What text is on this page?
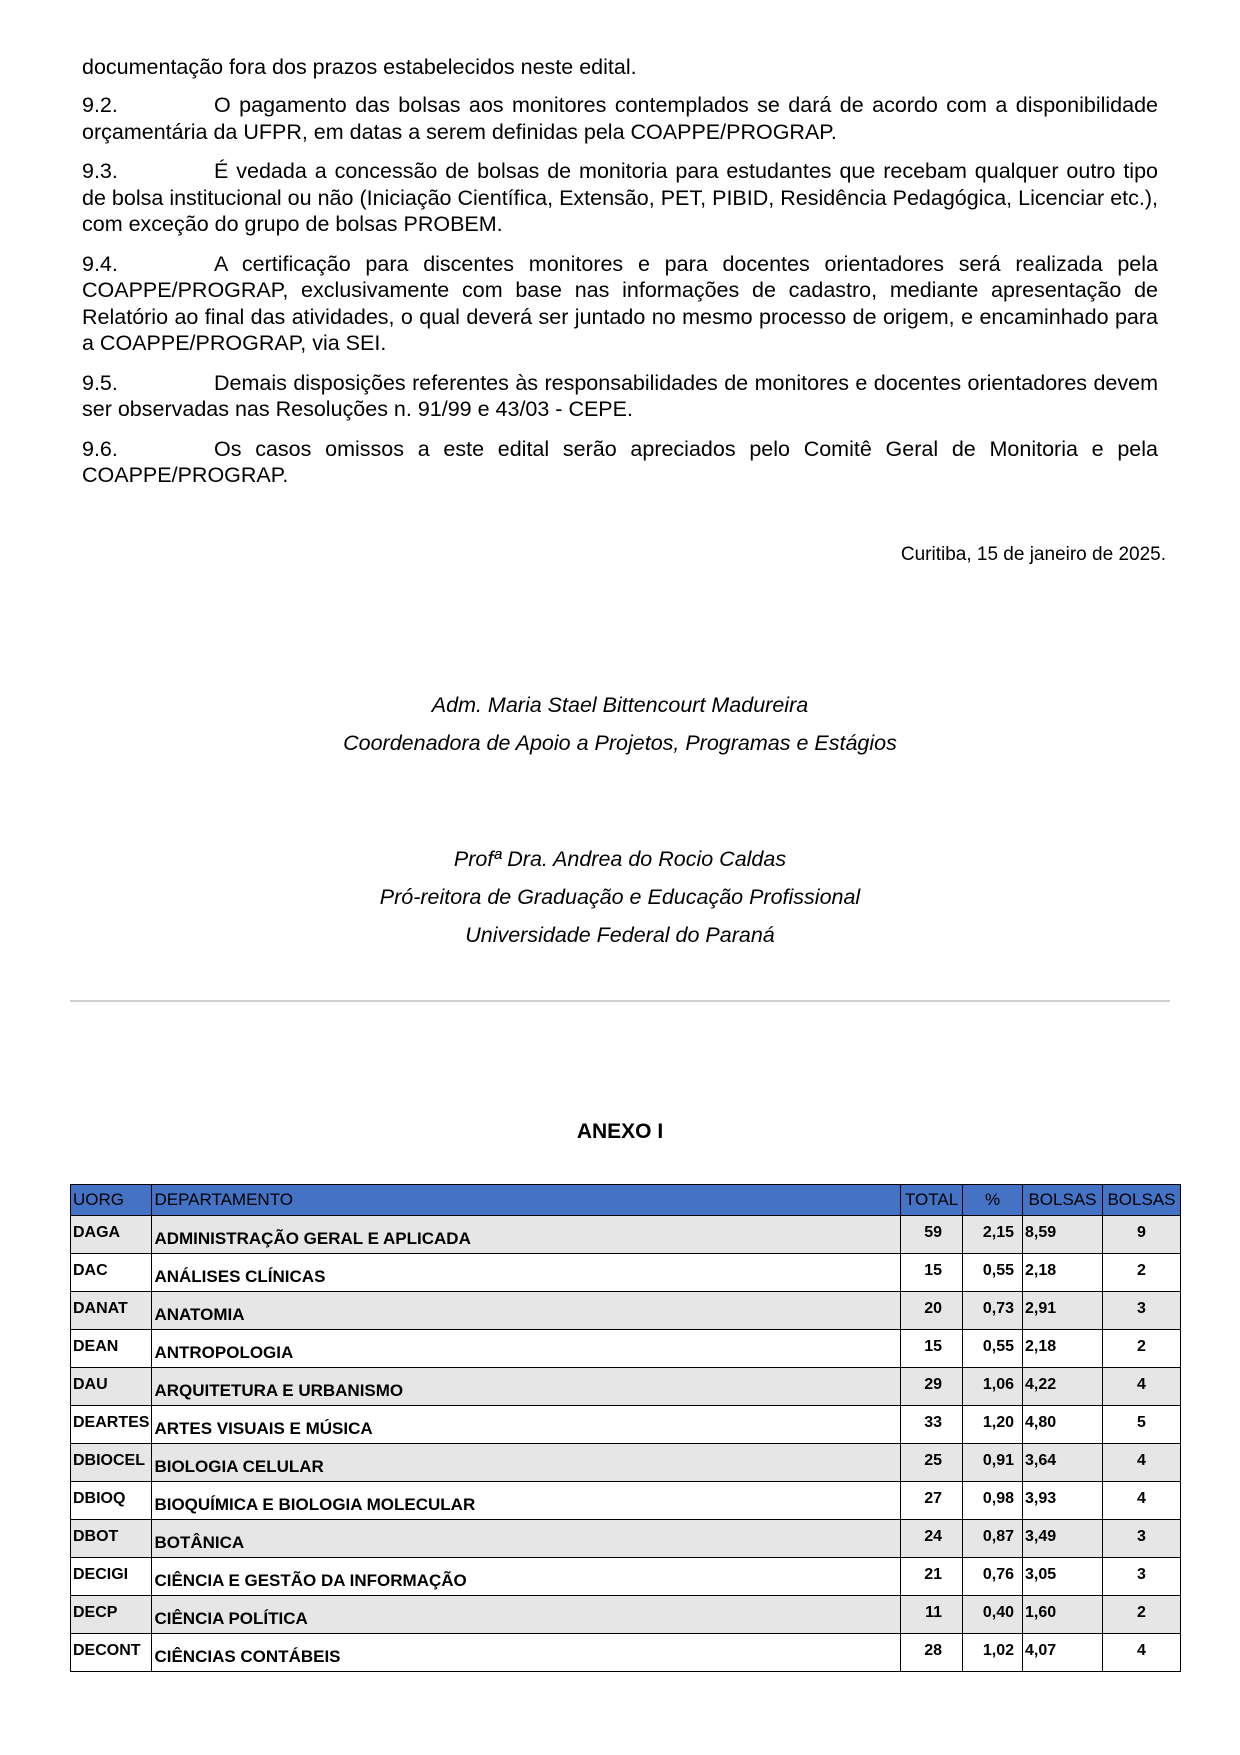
documentação fora dos prazos estabelecidos neste edital.

9.2.	O pagamento das bolsas aos monitores contemplados se dará de acordo com a disponibilidade orçamentária da UFPR, em datas a serem definidas pela COAPPE/PROGRAP.

9.3.	É vedada a concessão de bolsas de monitoria para estudantes que recebam qualquer outro tipo de bolsa institucional ou não (Iniciação Científica, Extensão, PET, PIBID, Residência Pedagógica, Licenciar etc.), com exceção do grupo de bolsas PROBEM.

9.4.	A certificação para discentes monitores e para docentes orientadores será realizada pela COAPPE/PROGRAP, exclusivamente com base nas informações de cadastro, mediante apresentação de Relatório ao final das atividades, o qual deverá ser juntado no mesmo processo de origem, e encaminhado para a COAPPE/PROGRAP, via SEI.

9.5.	Demais disposições referentes às responsabilidades de monitores e docentes orientadores devem ser observadas nas Resoluções n. 91/99 e 43/03 - CEPE.

9.6.	Os casos omissos a este edital serão apreciados pelo Comitê Geral de Monitoria e pela COAPPE/PROGRAP.

Curitiba, 15 de janeiro de 2025.
Adm. Maria Stael Bittencourt Madureira
Coordenadora de Apoio a Projetos, Programas e Estágios
Profª Dra. Andrea do Rocio Caldas
Pró-reitora de Graduação e Educação Profissional
Universidade Federal do Paraná
ANEXO I
UORG	DEPARTAMENTO	TOTAL	%	BOLSAS	BOLSAS
DAGA	ADMINISTRAÇÃO GERAL E APLICADA	59	2,15	8,59	9
DAC	ANÁLISES CLÍNICAS	15	0,55	2,18	2
DANAT	ANATOMIA	20	0,73	2,91	3
DEAN	ANTROPOLOGIA	15	0,55	2,18	2
DAU	ARQUITETURA E URBANISMO	29	1,06	4,22	4
DEARTES	ARTES VISUAIS E MÚSICA	33	1,20	4,80	5
DBIOCEL	BIOLOGIA CELULAR	25	0,91	3,64	4
DBIOQ	BIOQUÍMICA E BIOLOGIA MOLECULAR	27	0,98	3,93	4
DBOT	BOTÂNICA	24	0,87	3,49	3
DECIGI	CIÊNCIA E GESTÃO DA INFORMAÇÃO	21	0,76	3,05	3
DECP	CIÊNCIA POLÍTICA	11	0,40	1,60	2
DECONT	CIÊNCIAS CONTÁBEIS	28	1,02	4,07	4
